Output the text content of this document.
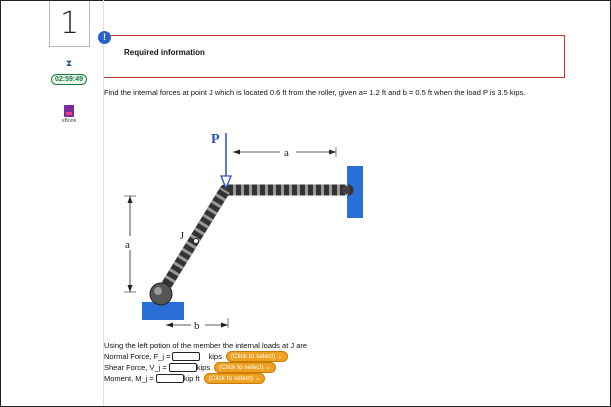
1
⧗
02:59:49
eBook
!
Required information
Find the internal forces at point J which is located 0.6 ft from the roller, given a= 1.2 ft and b = 0.5 ft when the load P is 3.5 kips.
J
P
a
a
b
Using the left potion of the member the internal loads at J are
Normal Force, F_j =	kips	(Click to select) ⌄
Shear Force, V_j =	kips	(Click to select) ⌄
Moment, M_j =	kip ft	(Click to select) ⌄
